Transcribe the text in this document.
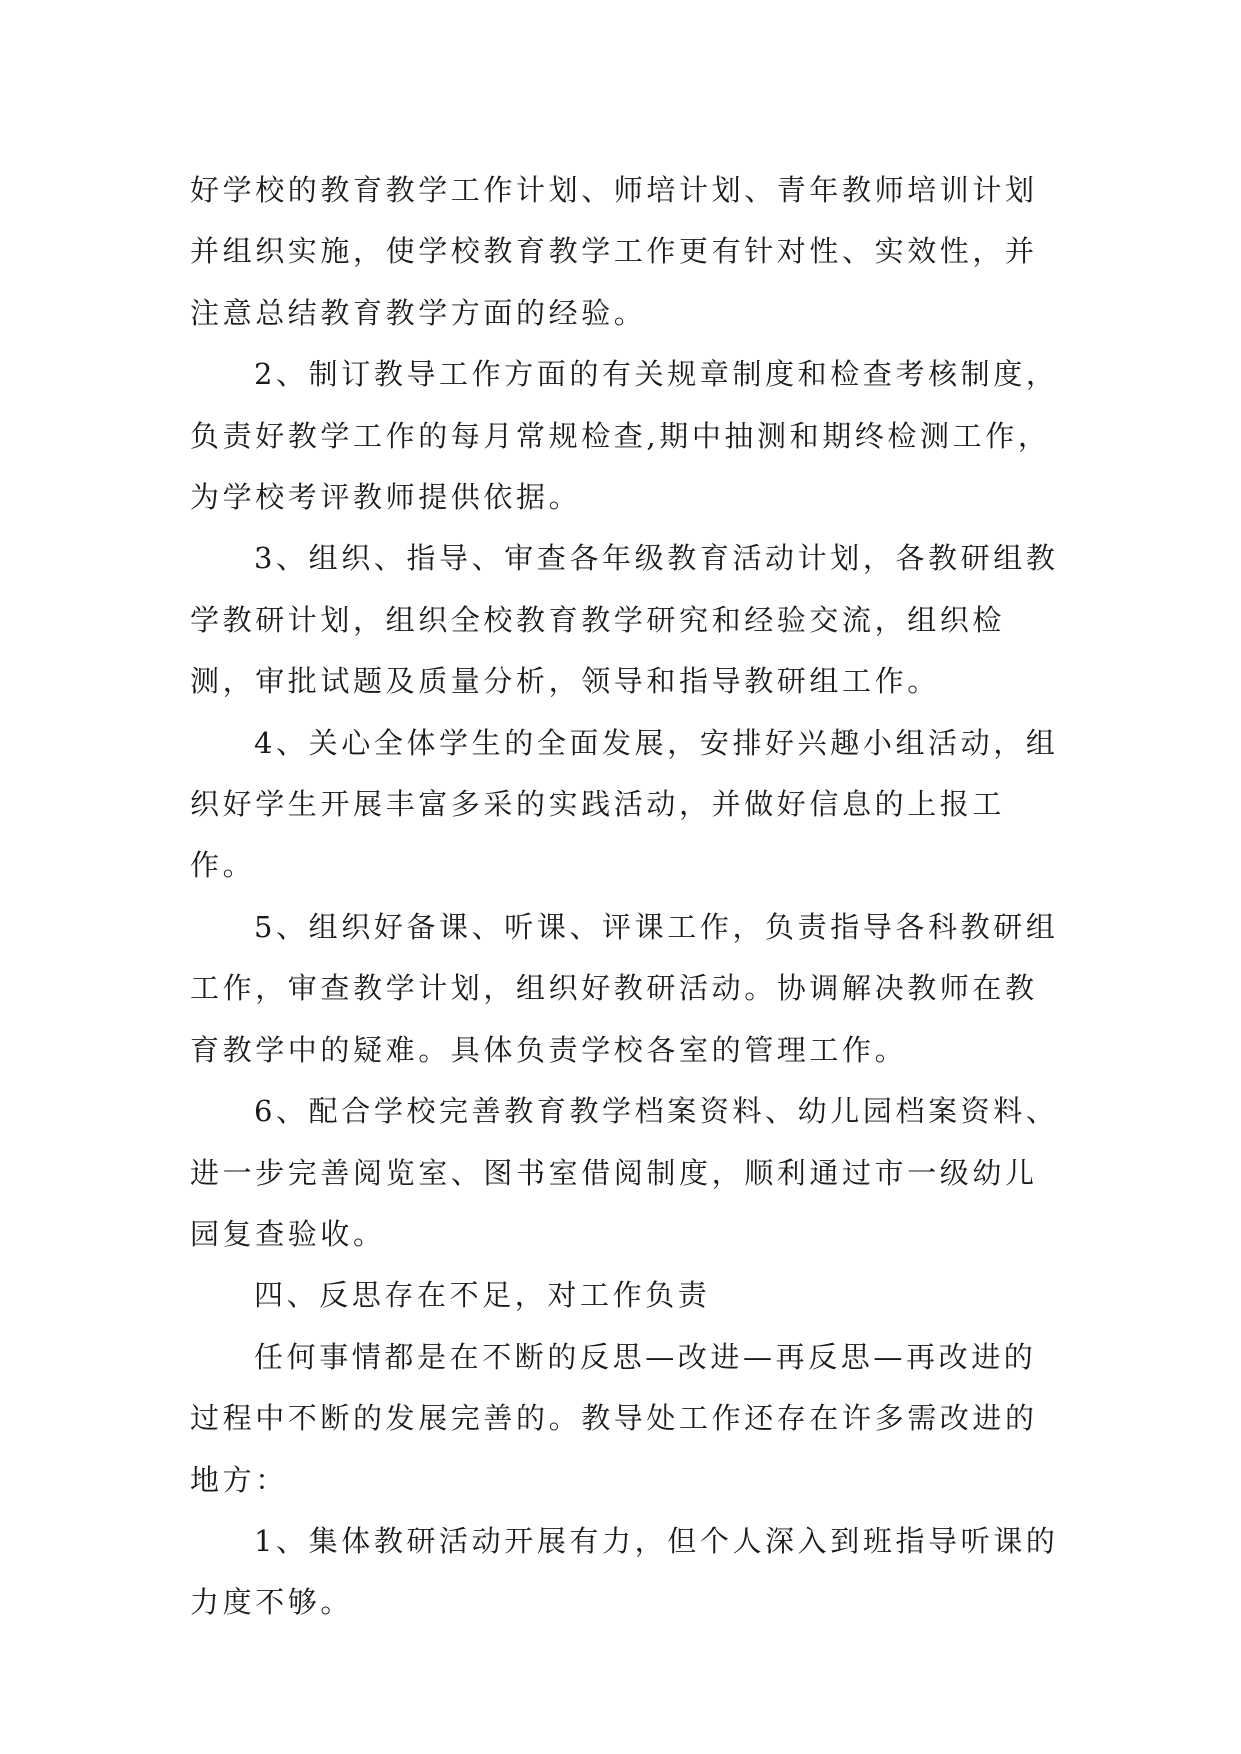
好学校的教育教学工作计划、师培计划、青年教师培训计划并组织实施，使学校教育教学工作更有针对性、实效性，并注意总结教育教学方面的经验。

2、制订教导工作方面的有关规章制度和检查考核制度，负责好教学工作的每月常规检查,期中抽测和期终检测工作，为学校考评教师提供依据。

3、组织、指导、审查各年级教育活动计划，各教研组教学教研计划，组织全校教育教学研究和经验交流，组织检测，审批试题及质量分析，领导和指导教研组工作。

4、关心全体学生的全面发展，安排好兴趣小组活动，组织好学生开展丰富多采的实践活动，并做好信息的上报工作。

5、组织好备课、听课、评课工作，负责指导各科教研组工作，审查教学计划，组织好教研活动。协调解决教师在教育教学中的疑难。具体负责学校各室的管理工作。

6、配合学校完善教育教学档案资料、幼儿园档案资料、进一步完善阅览室、图书室借阅制度，顺利通过市一级幼儿园复查验收。

四、反思存在不足，对工作负责

任何事情都是在不断的反思—改进—再反思—再改进的过程中不断的发展完善的。教导处工作还存在许多需改进的地方：

1、集体教研活动开展有力，但个人深入到班指导听课的力度不够。
